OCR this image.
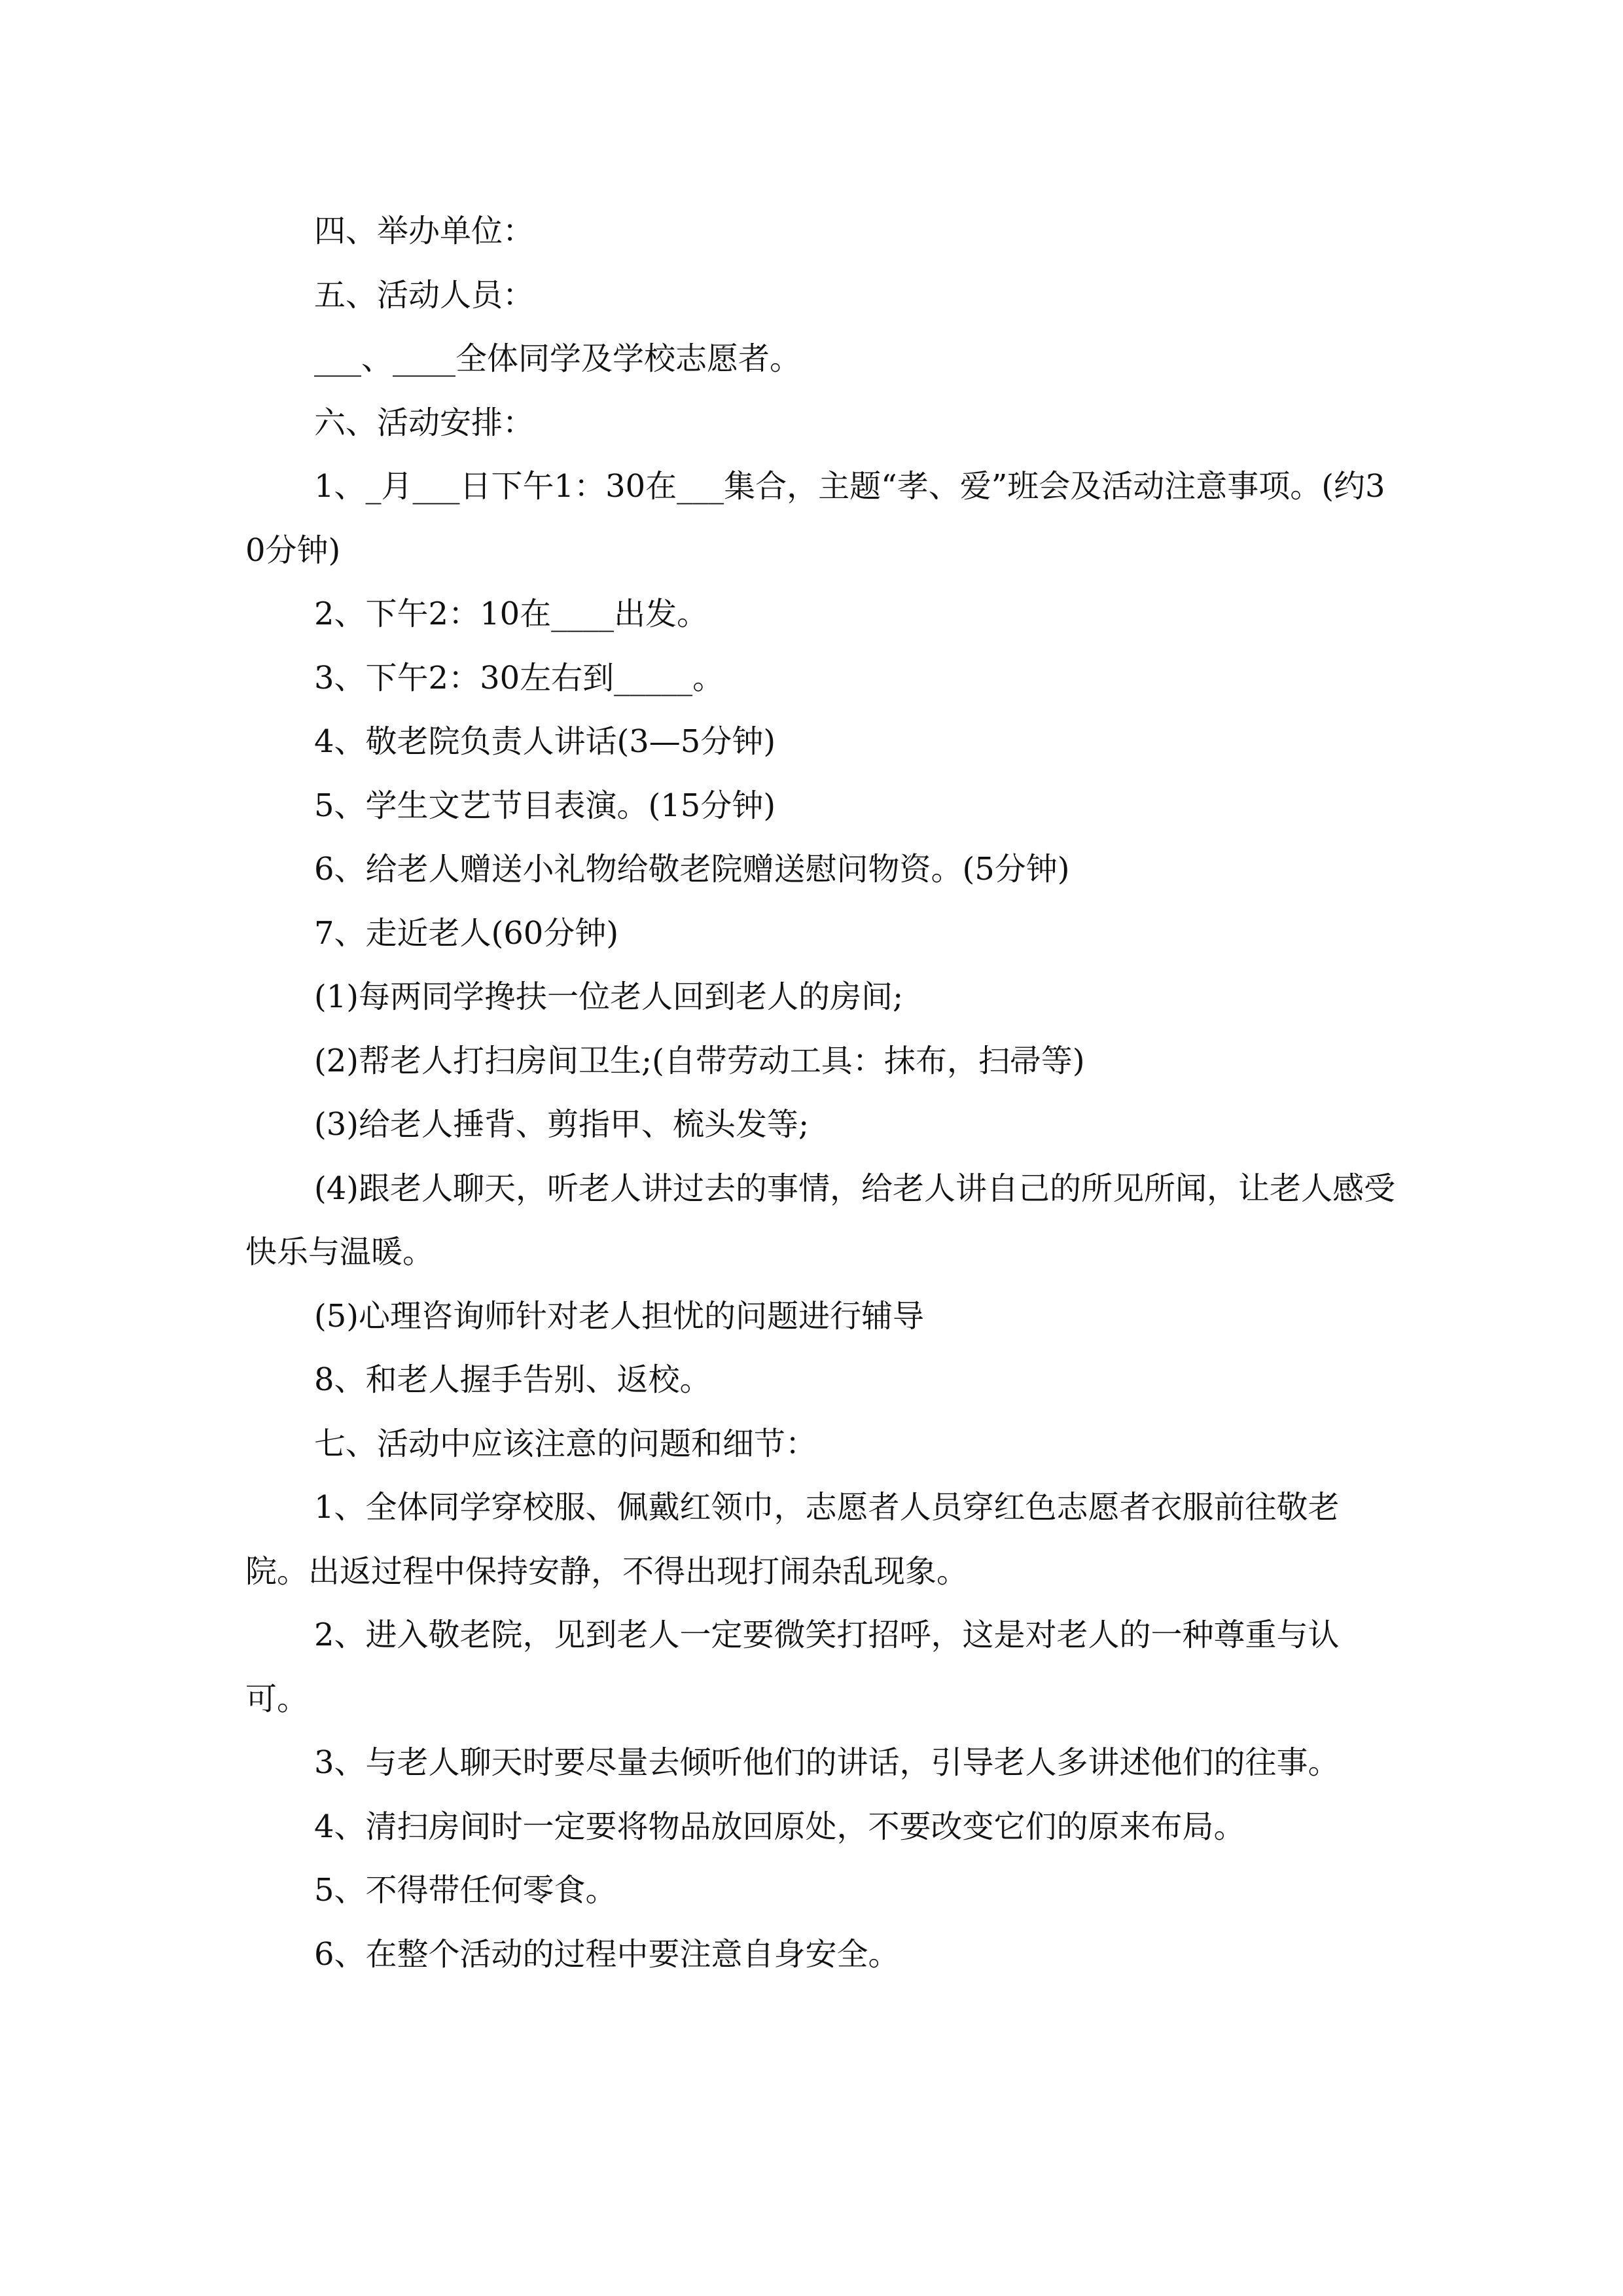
四、举办单位：

五、活动人员：

___、____全体同学及学校志愿者。

六、活动安排：

1、_月___日下午1：30在___集合，主题“孝、爱”班会及活动注意事项。(约30分钟)

2、下午2：10在____出发。

3、下午2：30左右到_____。

4、敬老院负责人讲话(3—5分钟)

5、学生文艺节目表演。(15分钟)

6、给老人赠送小礼物给敬老院赠送慰问物资。(5分钟)

7、走近老人(60分钟)

(1)每两同学搀扶一位老人回到老人的房间;

(2)帮老人打扫房间卫生;(自带劳动工具：抹布，扫帚等)

(3)给老人捶背、剪指甲、梳头发等;

(4)跟老人聊天，听老人讲过去的事情，给老人讲自己的所见所闻，让老人感受快乐与温暖。

(5)心理咨询师针对老人担忧的问题进行辅导

8、和老人握手告别、返校。

七、活动中应该注意的问题和细节：

1、全体同学穿校服、佩戴红领巾，志愿者人员穿红色志愿者衣服前往敬老院。出返过程中保持安静，不得出现打闹杂乱现象。

2、进入敬老院，见到老人一定要微笑打招呼，这是对老人的一种尊重与认可。

3、与老人聊天时要尽量去倾听他们的讲话，引导老人多讲述他们的往事。

4、清扫房间时一定要将物品放回原处，不要改变它们的原来布局。

5、不得带任何零食。

6、在整个活动的过程中要注意自身安全。
